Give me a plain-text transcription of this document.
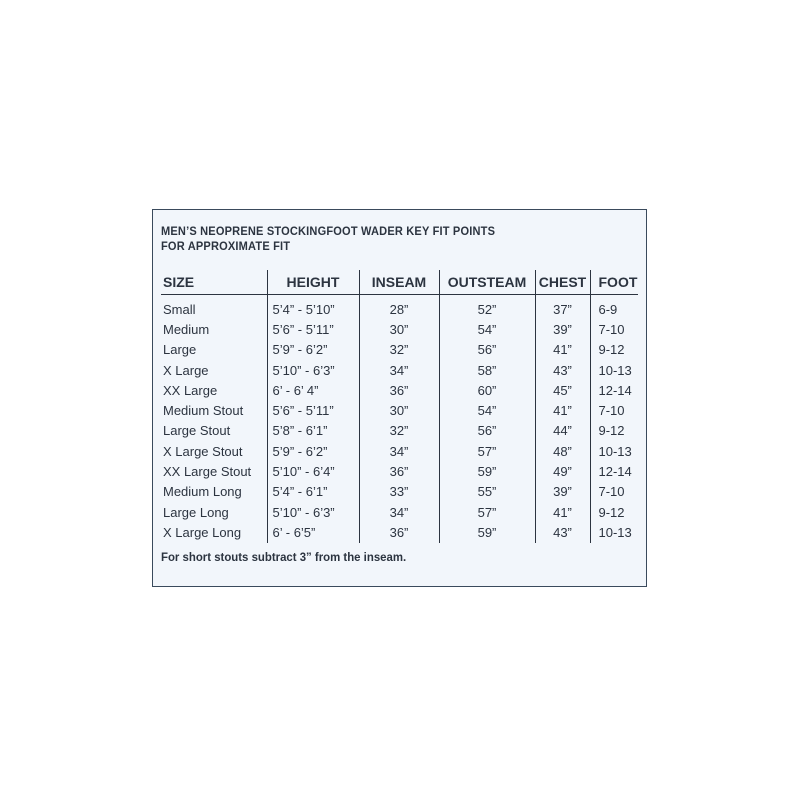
MEN’S NEOPRENE STOCKINGFOOT WADER KEY FIT POINTS
FOR APPROXIMATE FIT
SIZE	HEIGHT	INSEAM	OUTSTEAM	CHEST	FOOT
Small	5’4” - 5’10”	28”	52”	37”	6-9
Medium	5’6” - 5’11”	30”	54”	39”	7-10
Large	5’9” - 6’2”	32”	56”	41”	9-12
X Large	5’10” - 6’3”	34”	58”	43”	10-13
XX Large	6’ - 6’ 4”	36”	60”	45”	12-14
Medium Stout	5’6” - 5’11”	30”	54”	41”	7-10
Large Stout	5’8” - 6’1”	32”	56”	44”	9-12
X Large Stout	5’9” - 6’2”	34”	57”	48”	10-13
XX Large Stout	5’10” - 6’4”	36”	59”	49”	12-14
Medium Long	5’4” - 6’1”	33”	55”	39”	7-10
Large Long	5’10” - 6’3”	34”	57”	41”	9-12
X Large Long	6’ - 6’5”	36”	59”	43”	10-13
For short stouts subtract 3” from the inseam.
